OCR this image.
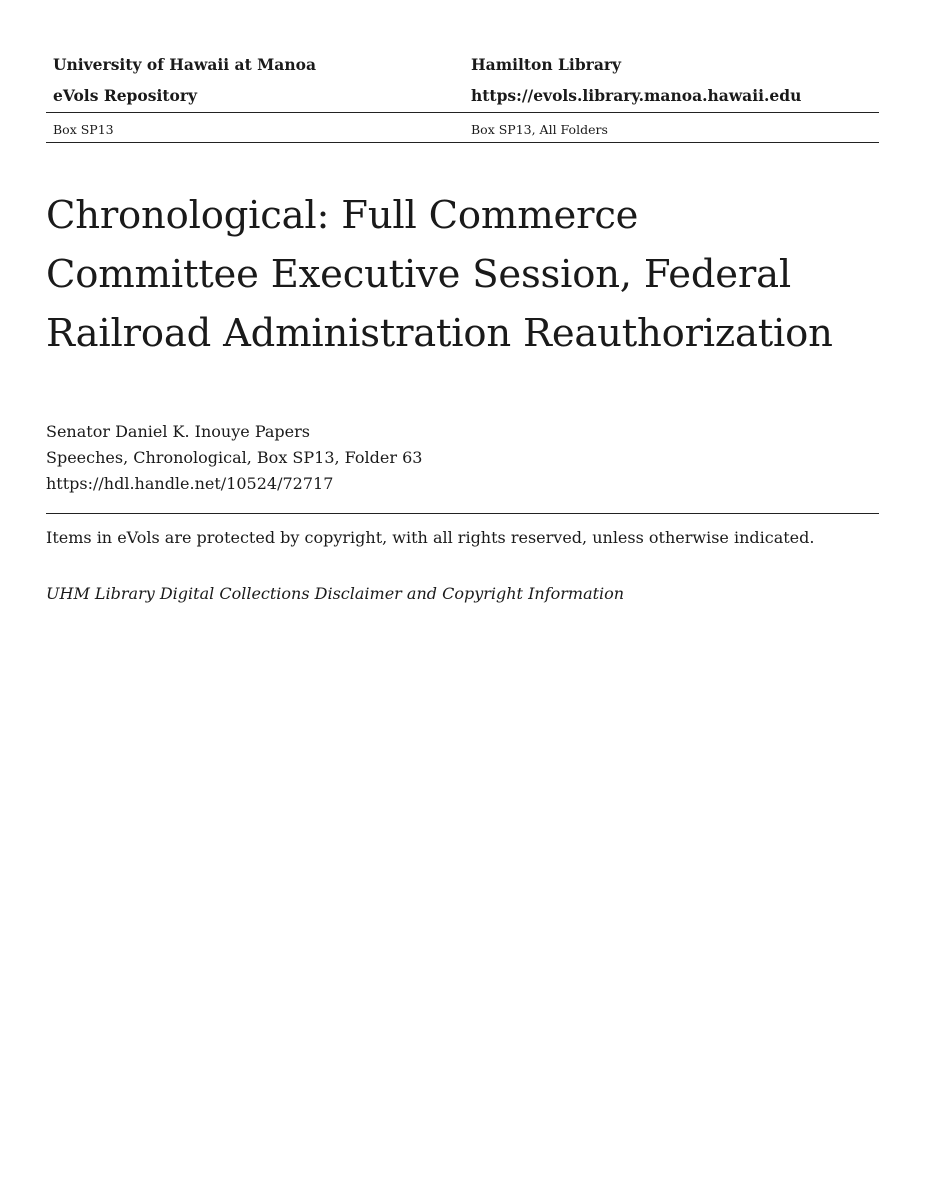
University of Hawaii at Manoa	Hamilton Library
eVols Repository	https://evols.library.manoa.hawaii.edu
Box SP13	Box SP13, All Folders
Chronological: Full Commerce
Committee Executive Session, Federal
Railroad Administration Reauthorization
Senator Daniel K. Inouye Papers
Speeches, Chronological, Box SP13, Folder 63
https://hdl.handle.net/10524/72717
Items in eVols are protected by copyright, with all rights reserved, unless otherwise indicated.
UHM Library Digital Collections Disclaimer and Copyright Information
